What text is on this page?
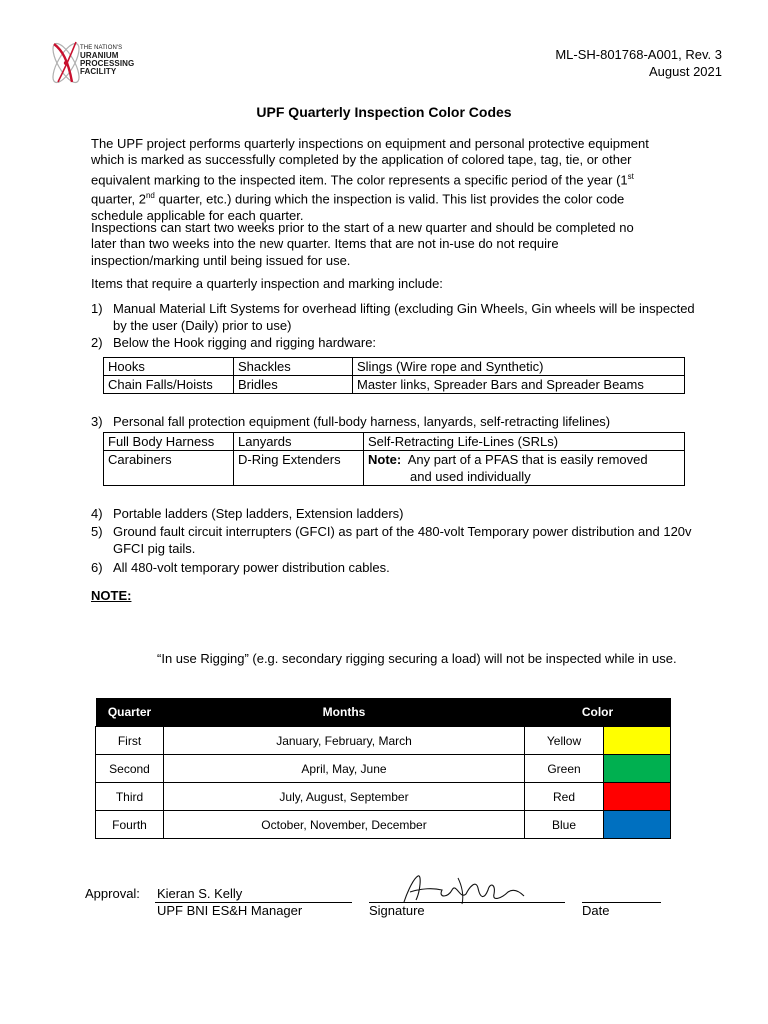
THE NATION'S
URANIUM
PROCESSING
FACILITY
ML-SH-801768-A001, Rev. 3
August 2021
UPF Quarterly Inspection Color Codes
The UPF project performs quarterly inspections on equipment and personal protective equipment which is marked as successfully completed by the application of colored tape, tag, tie, or other equivalent marking to the inspected item. The color represents a specific period of the year (1st quarter, 2nd quarter, etc.) during which the inspection is valid. This list provides the color code schedule applicable for each quarter.
Inspections can start two weeks prior to the start of a new quarter and should be completed no later than two weeks into the new quarter. Items that are not in-use do not require inspection/marking until being issued for use.
Items that require a quarterly inspection and marking include:
1) Manual Material Lift Systems for overhead lifting (excluding Gin Wheels, Gin wheels will be inspected by the user (Daily) prior to use)
2) Below the Hook rigging and rigging hardware:
Hooks	Shackles	Slings (Wire rope and Synthetic)
Chain Falls/Hoists	Bridles	Master links, Spreader Bars and Spreader Beams
3) Personal fall protection equipment (full-body harness, lanyards, self-retracting lifelines)
Full Body Harness	Lanyards	Self-Retracting Life-Lines (SRLs)
Carabiners	D-Ring Extenders	Note: Any part of a PFAS that is easily removed
and used individually
4) Portable ladders (Step ladders, Extension ladders)
5) Ground fault circuit interrupters (GFCI) as part of the 480-volt Temporary power distribution and 120v GFCI pig tails.
6) All 480-volt temporary power distribution cables.
NOTE:
“In use Rigging” (e.g. secondary rigging securing a load) will not be inspected while in use.
Quarter	Months	Color	
First	January, February, March	Yellow	
Second	April, May, June	Green	
Third	July, August, September	Red	
Fourth	October, November, December	Blue	
Approval: Kieran S. Kelly
UPF BNI ES&H Manager	Signature	Date
